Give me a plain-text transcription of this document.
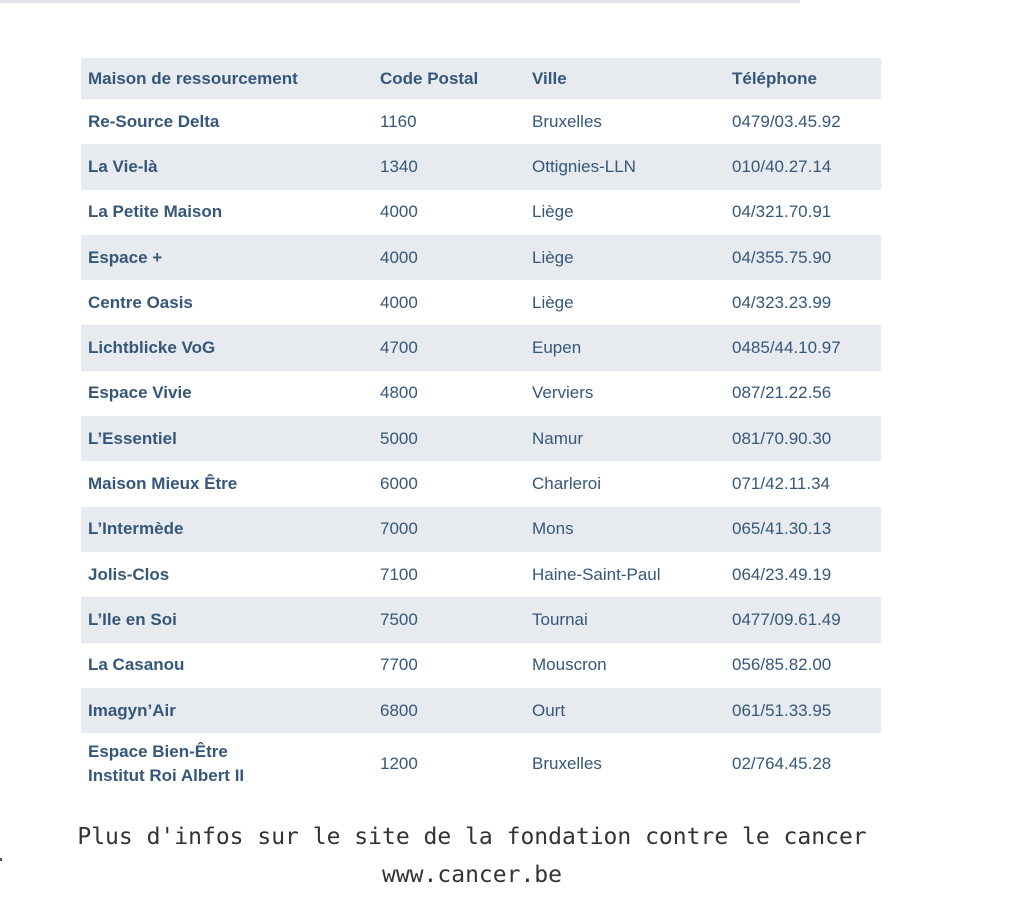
Maison de ressourcement	Code Postal	Ville	Téléphone
Re-Source Delta	1160	Bruxelles	0479/03.45.92
La Vie-là	1340	Ottignies-LLN	010/40.27.14
La Petite Maison	4000	Liège	04/321.70.91
Espace +	4000	Liège	04/355.75.90
Centre Oasis	4000	Liège	04/323.23.99
Lichtblicke VoG	4700	Eupen	0485/44.10.97
Espace Vivie	4800	Verviers	087/21.22.56
L’Essentiel	5000	Namur	081/70.90.30
Maison Mieux Être	6000	Charleroi	071/42.11.34
L’Intermède	7000	Mons	065/41.30.13
Jolis-Clos	7100	Haine-Saint-Paul	064/23.49.19
L’Ile en Soi	7500	Tournai	0477/09.61.49
La Casanou	7700	Mouscron	056/85.82.00
Imagyn’Air	6800	Ourt	061/51.33.95

Espace Bien-Être
Institut Roi Albert II	1200	Bruxelles	02/764.45.28
Plus d'infos sur le site de la fondation contre le cancer
www.cancer.be
